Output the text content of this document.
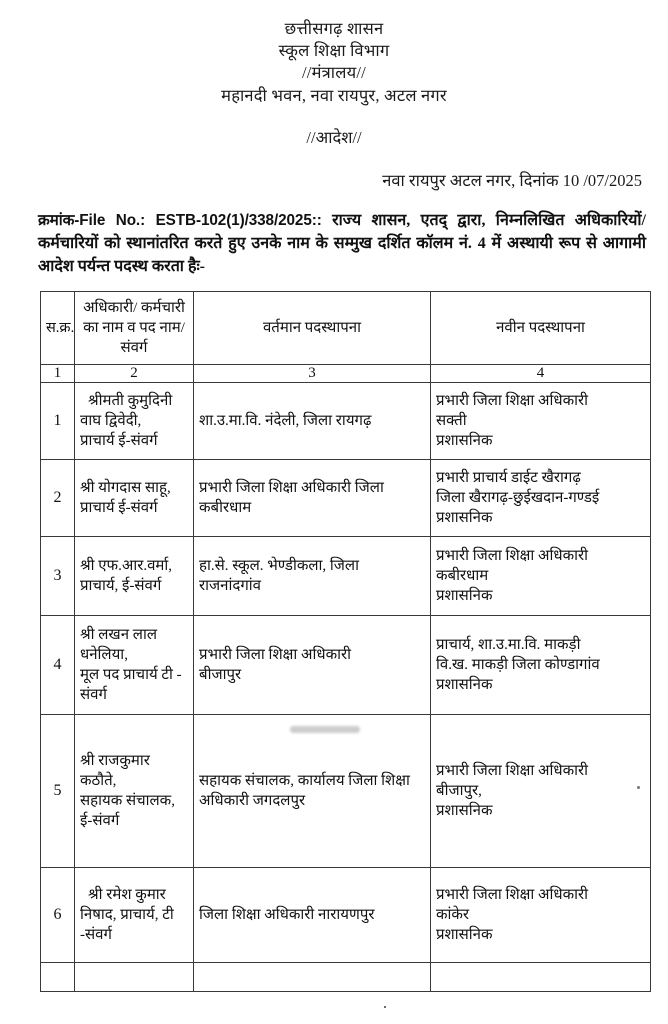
छत्तीसगढ़ शासन
स्कूल शिक्षा विभाग
//मंत्रालय//
महानदी भवन, नवा रायपुर, अटल नगर
//आदेश//
नवा रायपुर अटल नगर, दिनांक 10 /07/2025
क्रमांक-File No.: ESTB-102(1)/338/2025:: राज्य शासन, एतद् द्वारा, निम्नलिखित अधिकारियों/कर्मचारियों को स्थानांतरित करते हुए उनके नाम के सम्मुख दर्शित कॉलम नं. 4 में अस्थायी रूप से आगामी आदेश पर्यन्त पदस्थ करता हैः-
स.क्र.	अधिकारी/ कर्मचारी का नाम व पद नाम/संवर्ग	वर्तमान पदस्थापना	नवीन पदस्थापना
1	2	3	4
1	श्रीमती कुमुदिनी
वाघ द्विवेदी,
प्राचार्य ई-संवर्ग	शा.उ.मा.वि. नंदेली, जिला रायगढ़	प्रभारी जिला शिक्षा अधिकारी
सक्ती
प्रशासनिक

2	श्री योगदास साहू,
प्राचार्य ई-संवर्ग	प्रभारी जिला शिक्षा अधिकारी जिला
कबीरधाम	प्रभारी प्राचार्य डाईट खैरागढ़
जिला खैरागढ़-छुईखदान-गण्डई
प्रशासनिक

3	श्री एफ.आर.वर्मा,
प्राचार्य, ई-संवर्ग	हा.से. स्कूल. भेण्डीकला, जिला
राजनांदगांव	प्रभारी जिला शिक्षा अधिकारी
कबीरधाम
प्रशासनिक

4	श्री लखन लाल
धनेलिया,
मूल पद प्राचार्य टी -
संवर्ग	प्रभारी जिला शिक्षा अधिकारी
बीजापुर	प्राचार्य, शा.उ.मा.वि. माकड़ी
वि.ख. माकड़ी जिला कोण्डागांव
प्रशासनिक

5	श्री राजकुमार
कठौते,
सहायक संचालक,
ई-संवर्ग	सहायक संचालक, कार्यालय जिला शिक्षा
अधिकारी जगदलपुर	प्रभारी जिला शिक्षा अधिकारी
बीजापुर,
प्रशासनिक

6	श्री रमेश कुमार
निषाद, प्राचार्य, टी
-संवर्ग	जिला शिक्षा अधिकारी नारायणपुर	प्रभारी जिला शिक्षा अधिकारी
कांकेर
प्रशासनिक
